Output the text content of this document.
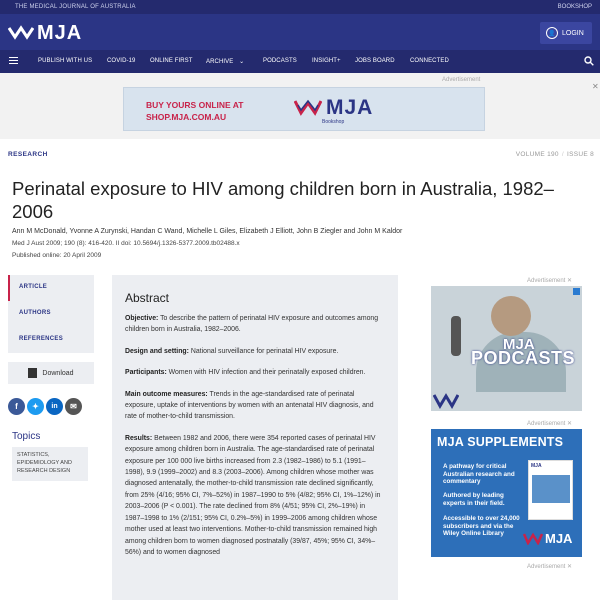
THE MEDICAL JOURNAL OF AUSTRALIA	BOOKSHOP
MJA	👤 LOGIN
PUBLISH WITH US COVID-19 ONLINE FIRST ARCHIVE ⌄	PODCASTS	INSIGHT+ JOBS BOARD	CONNECTED
Advertisement
✕
BUY YOURS ONLINE AT
SHOP.MJA.COM.AU	MJA
Bookshop
RESEARCH	VOLUME 190 / ISSUE 8
Perinatal exposure to HIV among children born in Australia, 1982–2006
Ann M McDonald, Yvonne A Zurynski, Handan C Wand, Michelle L Giles, Elizabeth J Elliott, John B Ziegler and John M Kaldor
Med J Aust 2009; 190 (8): 416-420. II doi: 10.5694/j.1326-5377.2009.tb02488.x
Published online: 20 April 2009
ARTICLE
AUTHORS
REFERENCES
Download
f	✦	in	✉
Topics
STATISTICS, EPIDEMIOLOGY AND RESEARCH DESIGN
Abstract

Objective: To describe the pattern of perinatal HIV exposure and outcomes among children born in Australia, 1982–2006.

Design and setting: National surveillance for perinatal HIV exposure.

Participants: Women with HIV infection and their perinatally exposed children.

Main outcome measures: Trends in the age-standardised rate of perinatal exposure, uptake of interventions by women with an antenatal HIV diagnosis, and rate of mother-to-child transmission.

Results: Between 1982 and 2006, there were 354 reported cases of perinatal HIV exposure among children born in Australia. The age-standardised rate of perinatal exposure per 100 000 live births increased from 2.3 (1982–1986) to 5.1 (1991–1998), 9.9 (1999–2002) and 8.3 (2003–2006). Among children whose mother was diagnosed antenatally, the mother-to-child transmission rate declined significantly, from 25% (4/16; 95% CI, 7%–52%) in 1987–1990 to 5% (4/82; 95% CI, 1%–12%) in 2003–2006 (P < 0.001). The rate declined from 8% (4/51; 95% CI, 2%–19%) in 1987–1998 to 1% (2/151; 95% CI, 0.2%–5%) in 1999–2006 among children whose mother used at least two interventions. Mother-to-child transmission remained high among children born to women diagnosed postnatally (39/87, 45%; 95% CI, 34%–56%) and to women diagnosed

Advertisement ✕
MJA
PODCASTS
Advertisement ✕
MJA SUPPLEMENTS
A pathway for critical Australian research and commentary
Authored by leading experts in their field.
Accessible to over 24,000 subscribers and via the Wiley Online Library
MJA
MJA
Advertisement ✕
